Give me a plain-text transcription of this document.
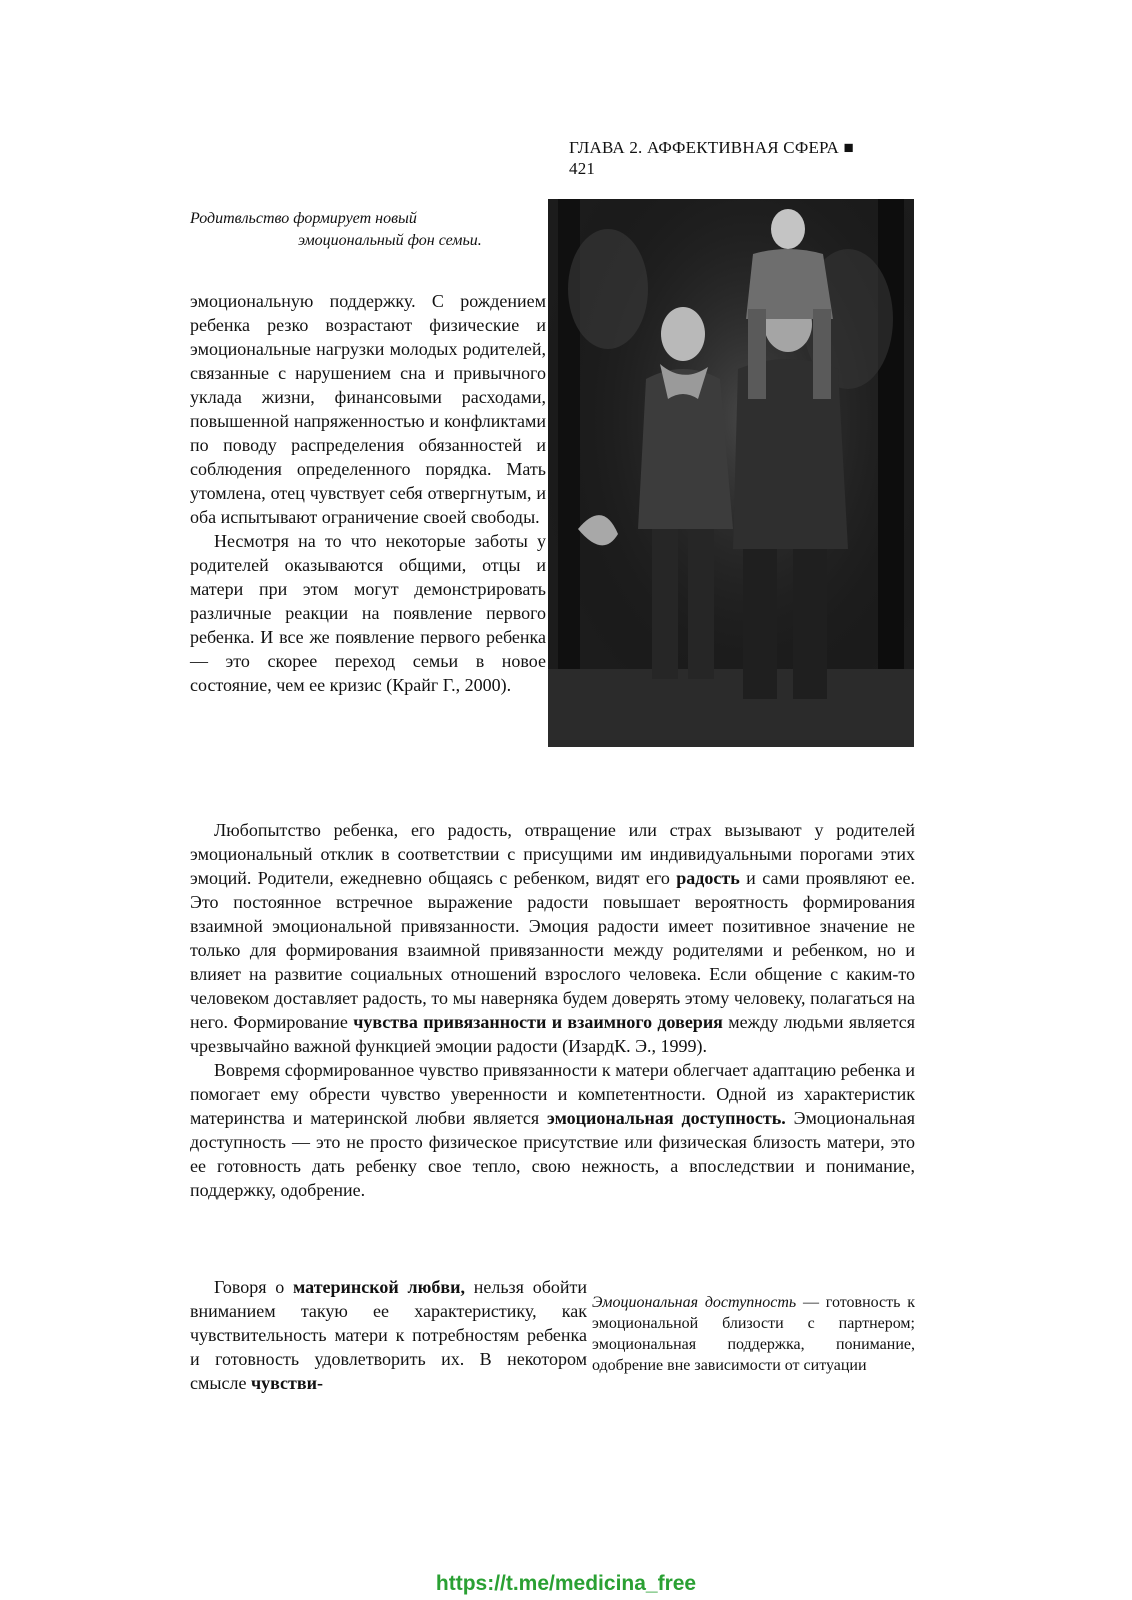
ГЛАВА 2. АФФЕКТИВНАЯ СФЕРА ■
421
Родитвльство формирует новый
эмоциональный фон семьи.

эмоциональную поддержку. С рождением ребенка резко возрастают физические и эмоциональные нагрузки молодых родителей, связанные с нарушением сна и привычного уклада жизни, финансовыми расходами, повышенной напряженностью и конфликтами по поводу распределения обязанностей и соблюдения определенного порядка. Мать утомлена, отец чувствует себя отвергнутым, и оба испытывают ограничение своей свободы.

Несмотря на то что некоторые заботы у родителей оказываются общими, отцы и матери при этом могут демонстрировать различные реакции на появление первого ребенка. И все же появление первого ребенка — это скорее переход семьи в новое состояние, чем ее кризис (Крайг Г., 2000).

Любопытство ребенка, его радость, отвращение или страх вызывают у родителей эмоциональный отклик в соответствии с присущими им индивидуальными порогами этих эмоций. Родители, ежедневно общаясь с ребенком, видят его радость и сами проявляют ее. Это постоянное встречное выражение радости повышает вероятность формирования взаимной эмоциональной привязанности. Эмоция радости имеет позитивное значение не только для формирования взаимной привязанности между родителями и ребенком, но и влияет на развитие социальных отношений взрослого человека. Если общение с каким-то человеком доставляет радость, то мы наверняка будем доверять этому человеку, полагаться на него. Формирование чувства привязанности и взаимного доверия между людьми является чрезвычайно важной функцией эмоции радости (ИзардК. Э., 1999).

Вовремя сформированное чувство привязанности к матери облегчает адаптацию ребенка и помогает ему обрести чувство уверенности и компетентности. Одной из характеристик материнства и материнской любви является эмоциональная доступность. Эмоциональная доступность — это не просто физическое присутствие или физическая близость матери, это ее готовность дать ребенку свое тепло, свою нежность, а впоследствии и понимание, поддержку, одобрение.

Говоря о материнской любви, нельзя обойти вниманием такую ее характеристику, как чувствительность матери к потребностям ребенка и готовность удовлетворить их. В некотором смысле чувстви-

Эмоциональная доступность — готовность к эмоциональной близости с партнером; эмоциональная поддержка, понимание, одобрение вне зависимости от ситуации
https://t.me/medicina_free
